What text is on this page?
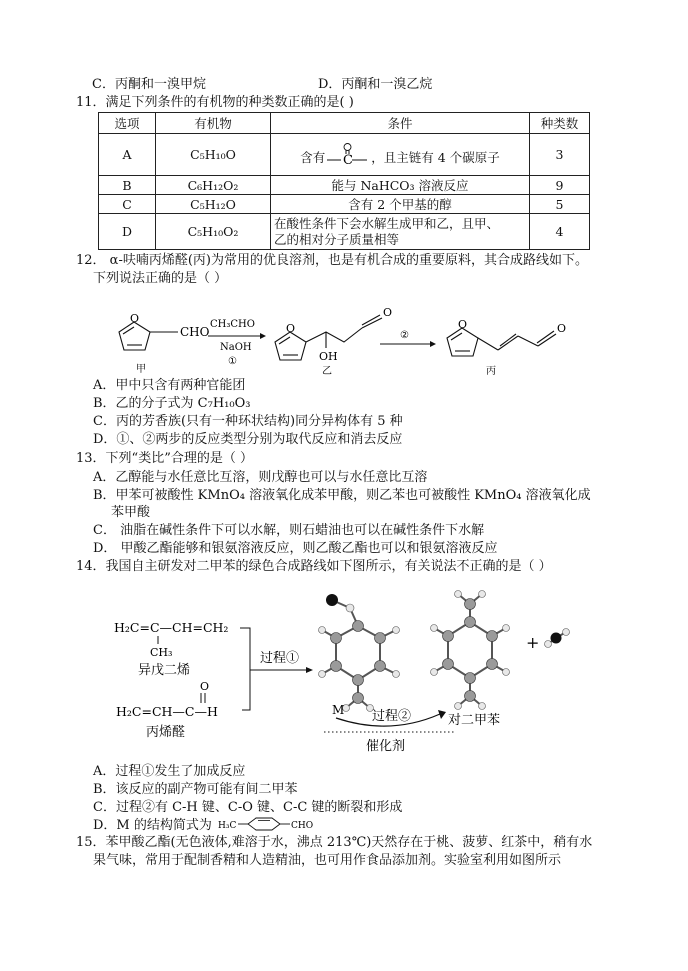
C．丙酮和一溴甲烷	D．丙酮和一溴乙烷
11．满足下列条件的有机物的种类数正确的是( )
选项	有机物	条件	种类数
A	C₅H₁₀O	含有 C ，且主链有 4 个碳原子	3
B	C₆H₁₂O₂	能与 NaHCO₃ 溶液反应	9
C	C₅H₁₂O	含有 2 个甲基的醇	5
D	C₅H₁₀O₂	在酸性条件下会水解生成甲和乙，且甲、
乙的相对分子质量相等	4
12． α-呋喃丙烯醛(丙)为常用的优良溶剂，也是有机合成的重要原料，其合成路线如下。
下列说法正确的是（ ）
O
CHO
甲
CH₃CHO
NaOH
①
O
O
OH
乙
②
O	O
丙
A．甲中只含有两种官能团
B．乙的分子式为 C₇H₁₀O₃
C．丙的芳香族(只有一种环状结构)同分异构体有 5 种
D．①、②两步的反应类型分别为取代反应和消去反应
13．下列“类比”合理的是（ ）
A．乙醇能与水任意比互溶，则戊醇也可以与水任意比互溶
B．甲苯可被酸性 KMnO₄ 溶液氧化成苯甲酸，则乙苯也可被酸性 KMnO₄ 溶液氧化成
苯甲酸
C． 油脂在碱性条件下可以水解，则石蜡油也可以在碱性条件下水解
D． 甲酸乙酯能够和银氨溶液反应，则乙酸乙酯也可以和银氨溶液反应
14．我国自主研发对二甲苯的绿色合成路线如下图所示，有关说法不正确的是（ ）
H₂C=C—CH=CH₂
CH₃
异戊二烯
O
H₂C=CH—C—H
丙烯醛
过程①
+
M 过程②	对二甲苯
催化剂
A．过程①发生了加成反应
B．该反应的副产物可能有间二甲苯
C．过程②有 C-H 键、C-O 键、C-C 键的断裂和形成
D．M 的结构简式为 H₃C	CHO
15．苯甲酸乙酯(无色液体,难溶于水，沸点 213℃)天然存在于桃、菠萝、红茶中，稍有水
果气味，常用于配制香精和人造精油，也可用作食品添加剂。实验室利用如图所示
